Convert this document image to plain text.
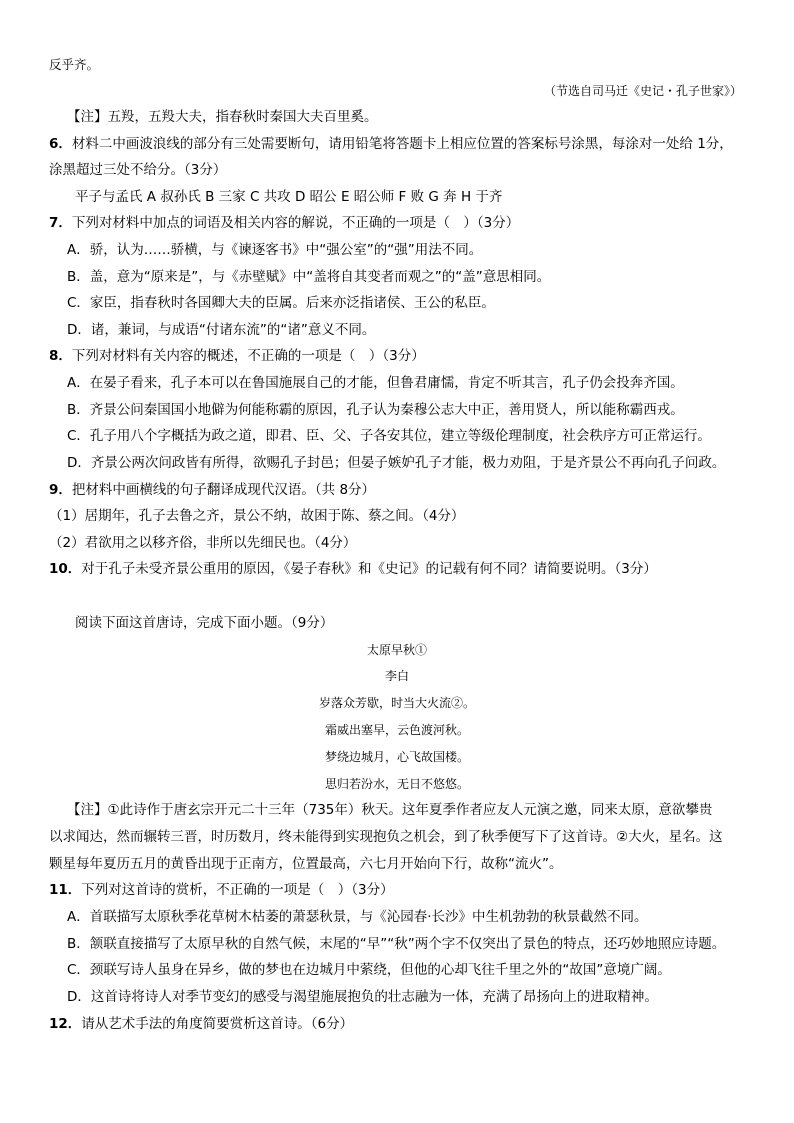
反乎齐。
（节选自司马迁《史记・孔子世家》）
【注】五羖，五羖大夫，指春秋时秦国大夫百里奚。
6．材料二中画波浪线的部分有三处需要断句，请用铅笔将答题卡上相应位置的答案标号涂黑，每涂对一处给 1分，
涂黑超过三处不给分。（3分）
平子与孟氏 A 叔孙氏 B 三家 C 共攻 D 昭公 E 昭公师 F 败 G 奔 H 于齐
7．下列对材料中加点的词语及相关内容的解说，不正确的一项是（　）（3分）
A．骄，认为……骄横，与《谏逐客书》中“强公室”的“强”用法不同。
B．盖，意为“原来是”，与《赤壁赋》中“盖将自其变者而观之”的“盖”意思相同。
C．家臣，指春秋时各国卿大夫的臣属。后来亦泛指诸侯、王公的私臣。
D．诸，兼词，与成语“付诸东流”的“诸”意义不同。
8．下列对材料有关内容的概述，不正确的一项是（　）（3分）
A．在晏子看来，孔子本可以在鲁国施展自己的才能，但鲁君庸懦，肯定不听其言，孔子仍会投奔齐国。
B．齐景公问秦国国小地僻为何能称霸的原因，孔子认为秦穆公志大中正，善用贤人，所以能称霸西戎。
C．孔子用八个字概括为政之道，即君、臣、父、子各安其位，建立等级伦理制度，社会秩序方可正常运行。
D．齐景公两次问政皆有所得，欲赐孔子封邑；但晏子嫉妒孔子才能，极力劝阻，于是齐景公不再向孔子问政。
9．把材料中画横线的句子翻译成现代汉语。（共 8分）
（1）居期年，孔子去鲁之齐，景公不纳，故困于陈、蔡之间。（4分）
（2）君欲用之以移齐俗，非所以先细民也。（4分）
10．对于孔子未受齐景公重用的原因，《晏子春秋》和《史记》的记载有何不同？请简要说明。（3分）
阅读下面这首唐诗，完成下面小题。（9分）
太原早秋①
李白
岁落众芳歇，时当大火流②。
霜威出塞早，云色渡河秋。
梦绕边城月，心飞故国楼。
思归若汾水，无日不悠悠。
【注】①此诗作于唐玄宗开元二十三年（735年）秋天。这年夏季作者应友人元演之邀，同来太原，意欲攀贵
以求闻达，然而辗转三晋，时历数月，终未能得到实现抱负之机会，到了秋季便写下了这首诗。②大火，星名。这
颗星每年夏历五月的黄昏出现于正南方，位置最高，六七月开始向下行，故称“流火”。
11．下列对这首诗的赏析，不正确的一项是（　）（3分）
A．首联描写太原秋季花草树木枯萎的萧瑟秋景，与《沁园春·长沙》中生机勃勃的秋景截然不同。
B．颔联直接描写了太原早秋的自然气候，末尾的“早”“秋”两个字不仅突出了景色的特点，还巧妙地照应诗题。
C．颈联写诗人虽身在异乡，做的梦也在边城月中萦绕，但他的心却飞往千里之外的“故国”意境广阔。
D．这首诗将诗人对季节变幻的感受与渴望施展抱负的壮志融为一体，充满了昂扬向上的进取精神。
12．请从艺术手法的角度简要赏析这首诗。（6分）
